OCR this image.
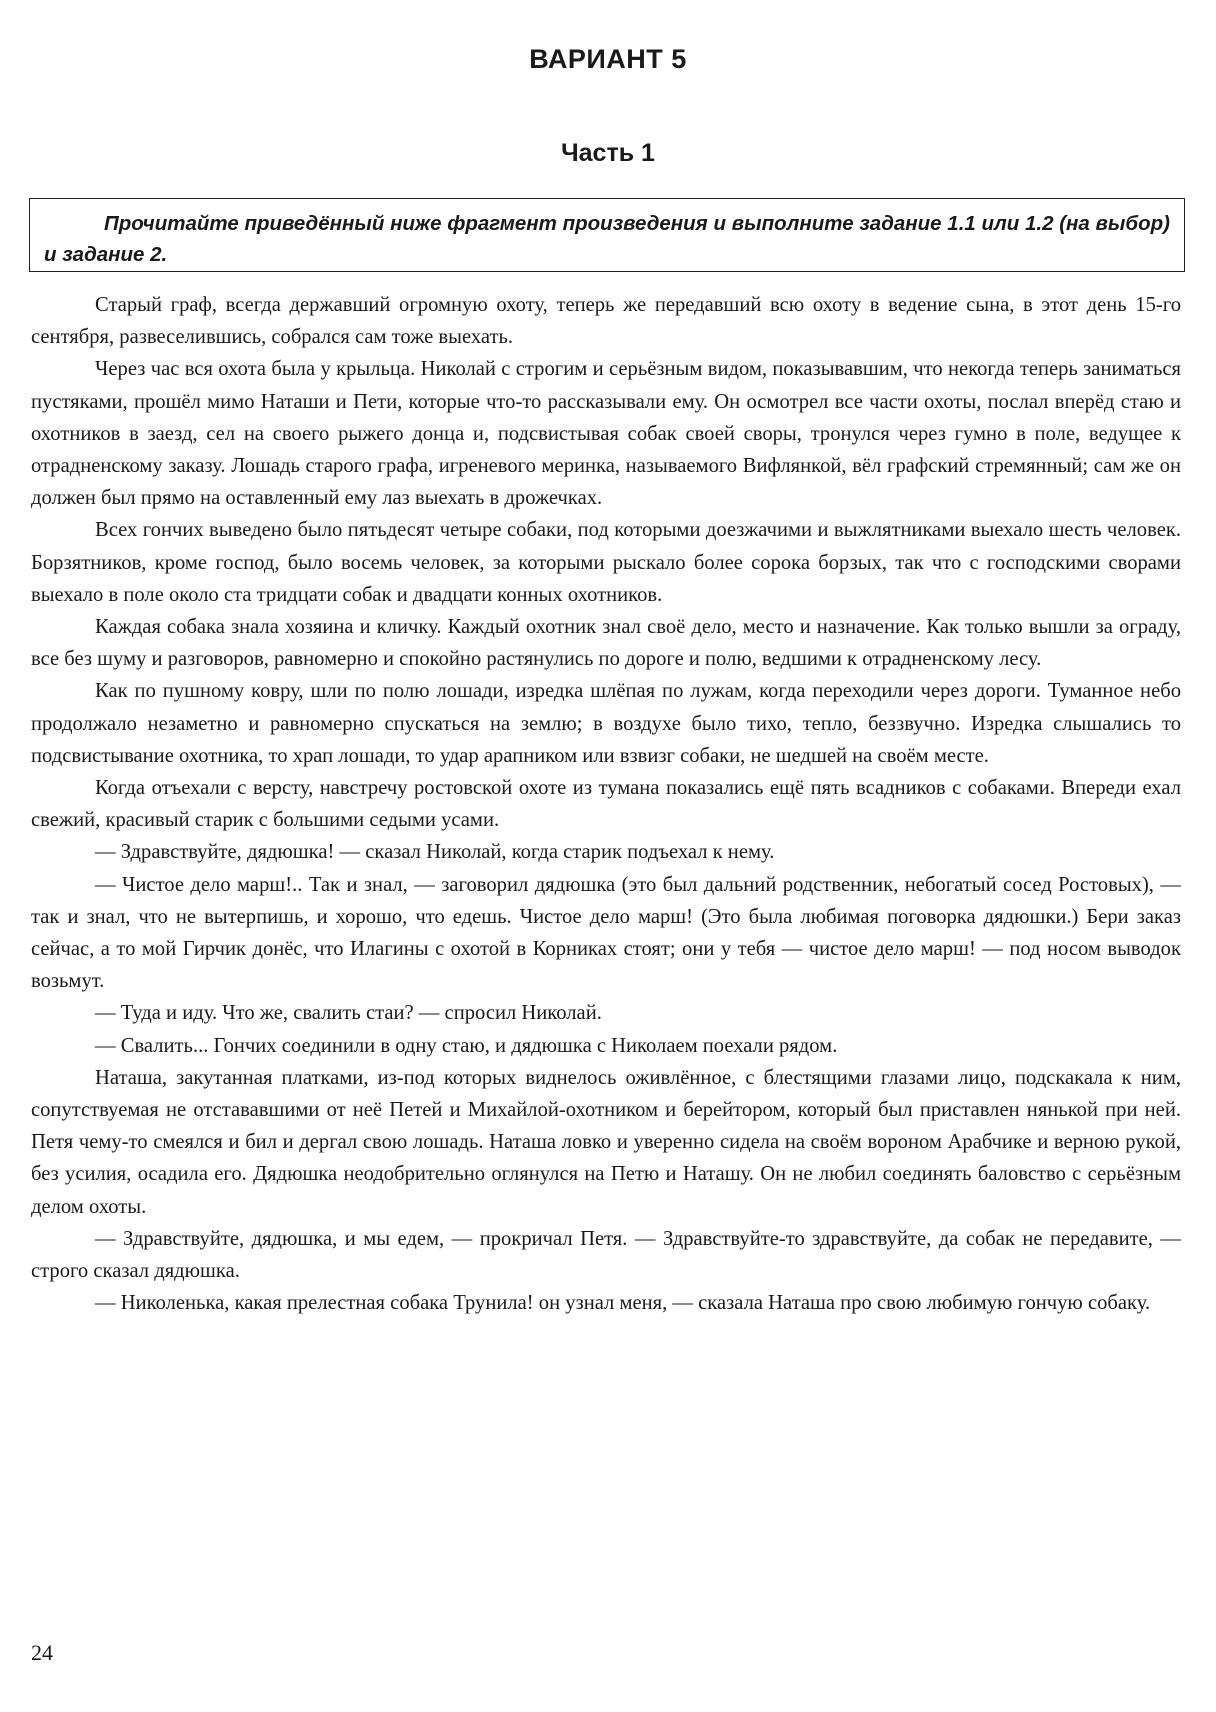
ВАРИАНТ 5
Часть 1
Прочитайте приведённый ниже фрагмент произведения и выполните задание 1.1 или 1.2 (на выбор) и задание 2.

Старый граф, всегда державший огромную охоту, теперь же передавший всю охоту в ведение сына, в этот день 15-го сентября, развеселившись, собрался сам тоже выехать.

Через час вся охота была у крыльца. Николай с строгим и серьёзным видом, показывавшим, что некогда теперь заниматься пустяками, прошёл мимо Наташи и Пети, которые что-то рассказывали ему. Он осмотрел все части охоты, послал вперёд стаю и охотников в заезд, сел на своего рыжего донца и, подсвистывая собак своей своры, тронулся через гумно в поле, ведущее к отрадненскому заказу. Лошадь старого графа, игреневого меринка, называемого Вифлянкой, вёл графский стремянный; сам же он должен был прямо на оставленный ему лаз выехать в дрожечках.

Всех гончих выведено было пятьдесят четыре собаки, под которыми доезжачими и выжлятниками выехало шесть человек. Борзятников, кроме господ, было восемь человек, за которыми рыскало более сорока борзых, так что с господскими сворами выехало в поле около ста тридцати собак и двадцати конных охотников.

Каждая собака знала хозяина и кличку. Каждый охотник знал своё дело, место и назначение. Как только вышли за ограду, все без шуму и разговоров, равномерно и спокойно растянулись по дороге и полю, ведшими к отрадненскому лесу.

Как по пушному ковру, шли по полю лошади, изредка шлёпая по лужам, когда переходили через дороги. Туманное небо продолжало незаметно и равномерно спускаться на землю; в воздухе было тихо, тепло, беззвучно. Изредка слышались то подсвистывание охотника, то храп лошади, то удар арапником или взвизг собаки, не шедшей на своём месте.

Когда отъехали с версту, навстречу ростовской охоте из тумана показались ещё пять всадников с собаками. Впереди ехал свежий, красивый старик с большими седыми усами.

— Здравствуйте, дядюшка! — сказал Николай, когда старик подъехал к нему.

— Чистое дело марш!.. Так и знал, — заговорил дядюшка (это был дальний родственник, небогатый сосед Ростовых), — так и знал, что не вытерпишь, и хорошо, что едешь. Чистое дело марш! (Это была любимая поговорка дядюшки.) Бери заказ сейчас, а то мой Гирчик донёс, что Илагины с охотой в Корниках стоят; они у тебя — чистое дело марш! — под носом выводок возьмут.

— Туда и иду. Что же, свалить стаи? — спросил Николай.

— Свалить... Гончих соединили в одну стаю, и дядюшка с Николаем поехали рядом.

Наташа, закутанная платками, из-под которых виднелось оживлённое, с блестящими глазами лицо, подскакала к ним, сопутствуемая не отстававшими от неё Петей и Михайлой-охотником и берейтором, который был приставлен нянькой при ней. Петя чему-то смеялся и бил и дергал свою лошадь. Наташа ловко и уверенно сидела на своём вороном Арабчике и верною рукой, без усилия, осадила его. Дядюшка неодобрительно оглянулся на Петю и Наташу. Он не любил соединять баловство с серьёзным делом охоты.

— Здравствуйте, дядюшка, и мы едем, — прокричал Петя. — Здравствуйте-то здравствуйте, да собак не передавите, — строго сказал дядюшка.

— Николенька, какая прелестная собака Трунила! он узнал меня, — сказала Наташа про свою любимую гончую собаку.

24
